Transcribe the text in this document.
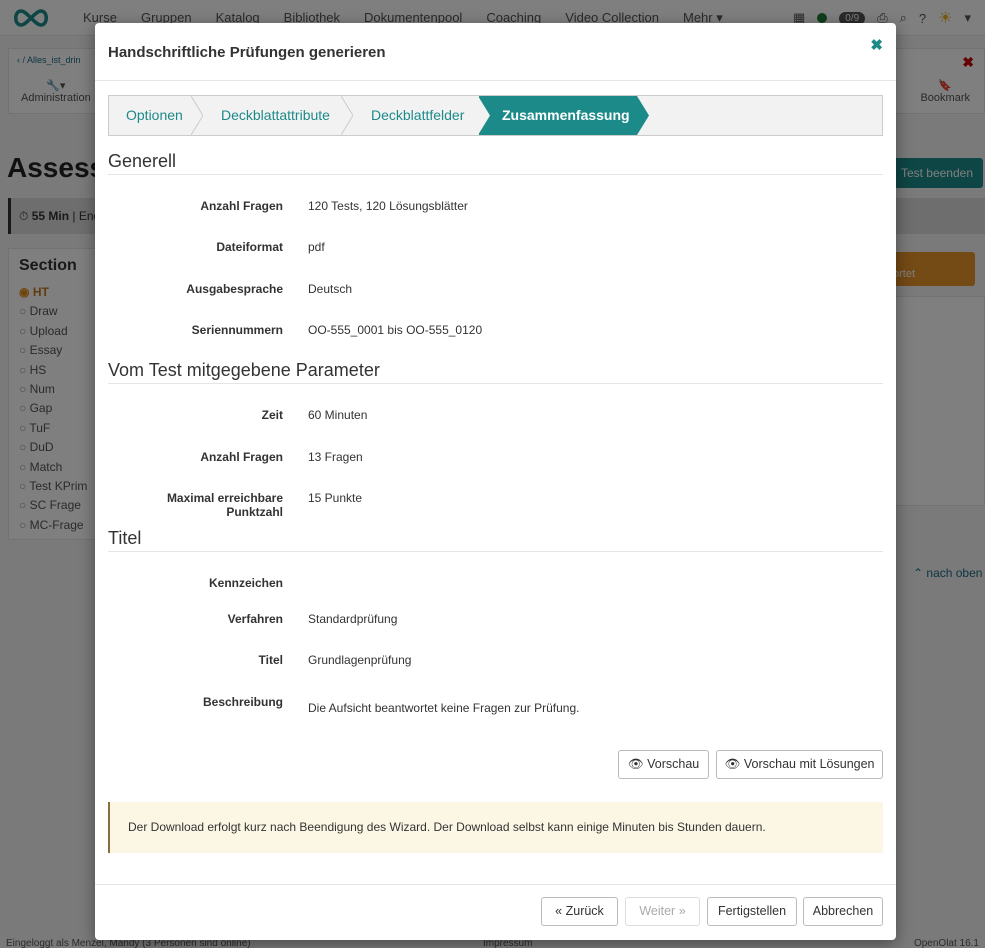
◉
○
○
○
○
○
○
○
○
○
○
○
○
Handschriftliche Prüfungen generieren	✖
Optionen	Deckblattattribute	Deckblattfelder	Zusammenfassung
Generell
Anzahl Fragen 120 Tests, 120 Lösungsblätter
Dateiformat pdf
Ausgabesprache Deutsch
Seriennummern OO-555_0001 bis OO-555_0120
Vom Test mitgegebene Parameter
Zeit 60 Minuten
Anzahl Fragen 13 Fragen
Maximal erreichbare Punktzahl
15 Punkte
Titel
Kennzeichen
Verfahren Standardprüfung
Titel Grundlagenprüfung
Beschreibung Die Aufsicht beantwortet keine Fragen zur Prüfung.
👁 Vorschau	👁 Vorschau mit Lösungen
Der Download erfolgt kurz nach Beendigung des Wizard. Der Download selbst kann einige Minuten bis Stunden dauern.
« Zurück	Weiter »	Fertigstellen	Abbrechen
